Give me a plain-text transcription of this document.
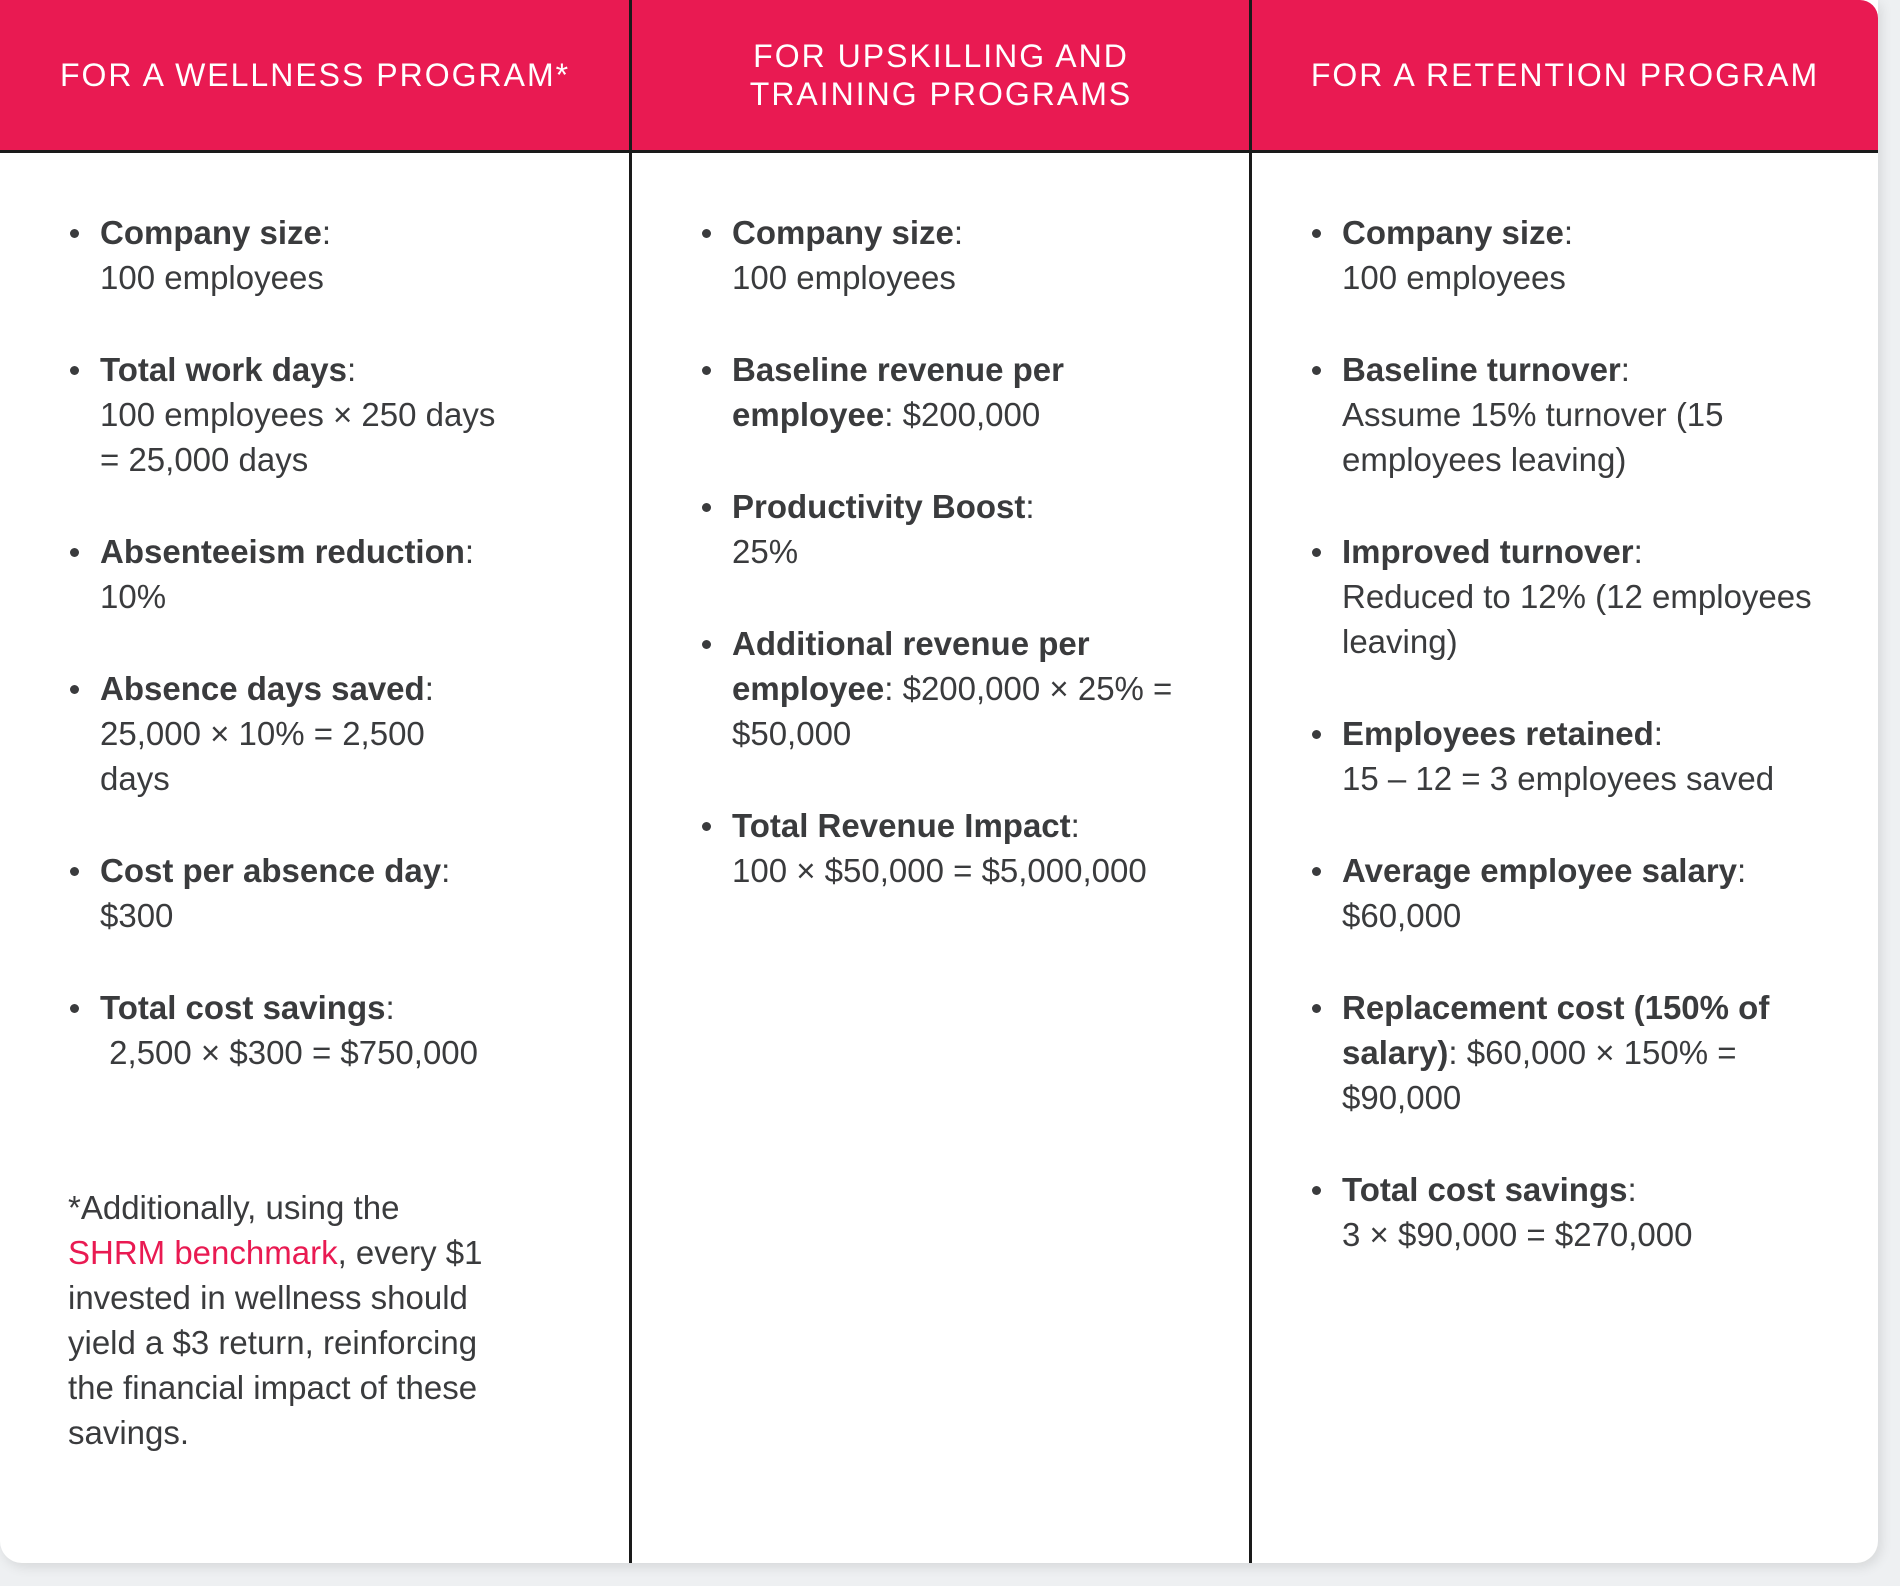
FOR A WELLNESS PROGRAM*
FOR UPSKILLING AND
TRAINING PROGRAMS
FOR A RETENTION PROGRAM
Company size:
100 employees
Total work days:
100 employees × 250 days
= 25,000 days
Absenteeism reduction:
10%
Absence days saved:
25,000 × 10% = 2,500
days
Cost per absence day:
$300
Total cost savings:
2,500 × $300 = $750,000
*Additionally, using the
SHRM benchmark, every $1 invested in wellness should yield a $3 return, reinforcing the financial impact of these savings.
Company size:
100 employees
Baseline revenue per employee: $200,000
Productivity Boost:
25%
Additional revenue per employee: $200,000 × 25% = $50,000
Total Revenue Impact:
100 × $50,000 = $5,000,000
Company size:
100 employees
Baseline turnover:
Assume 15% turnover (15 employees leaving)
Improved turnover:
Reduced to 12% (12 employees leaving)
Employees retained:
15 – 12 = 3 employees saved
Average employee salary:
$60,000
Replacement cost (150% of salary): $60,000 × 150% = $90,000
Total cost savings:
3 × $90,000 = $270,000
